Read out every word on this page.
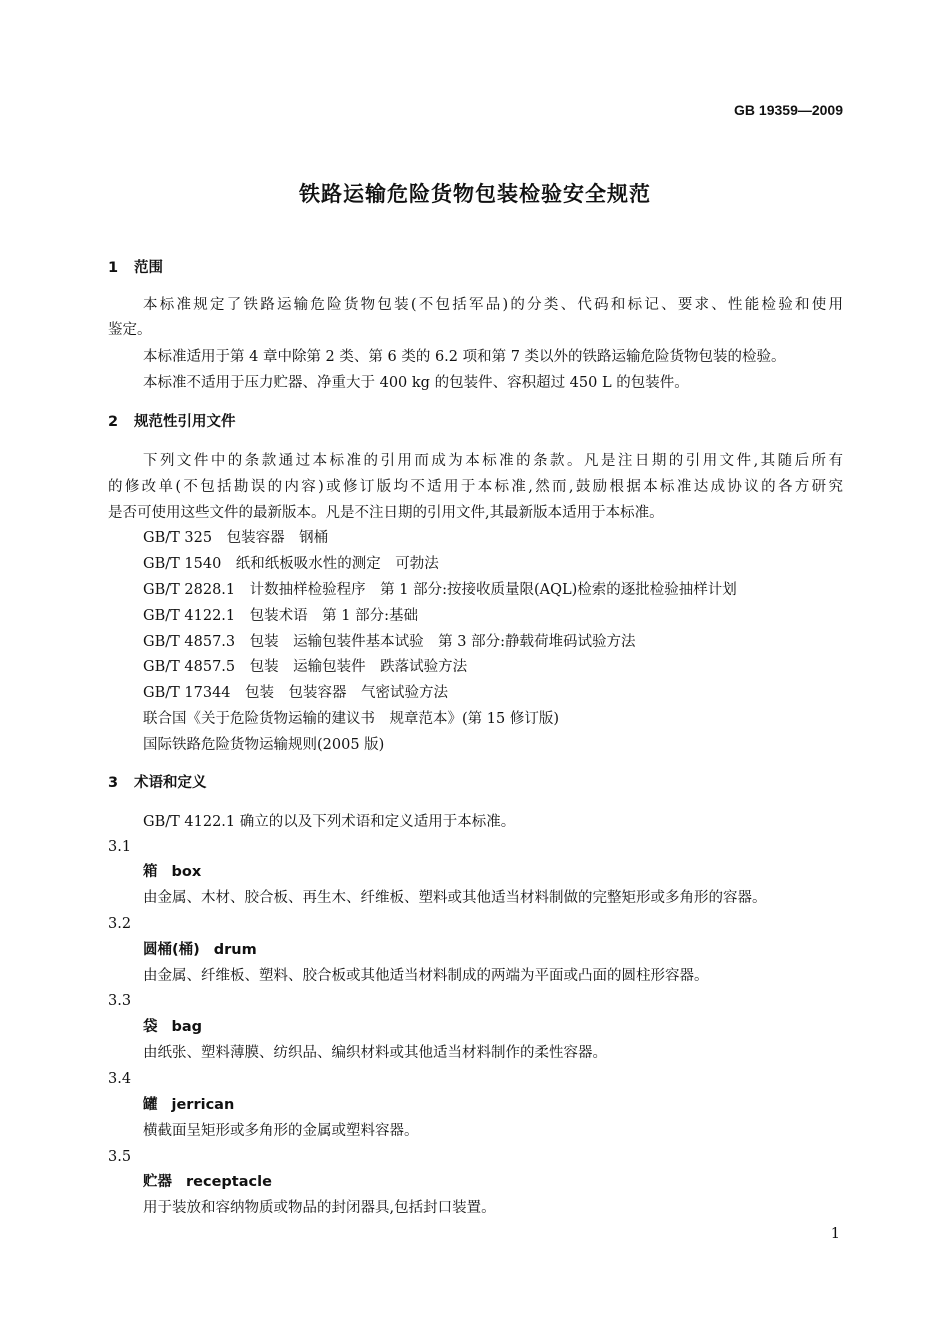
GB 19359—2009
铁路运输危险货物包装检验安全规范
1 范围
本标准规定了铁路运输危险货物包装(不包括军品)的分类、代码和标记、要求、性能检验和使用
鉴定。
本标准适用于第 4 章中除第 2 类、第 6 类的 6.2 项和第 7 类以外的铁路运输危险货物包装的检验。
本标准不适用于压力贮器、净重大于 400 kg 的包装件、容积超过 450 L 的包装件。
2 规范性引用文件
下列文件中的条款通过本标准的引用而成为本标准的条款。凡是注日期的引用文件,其随后所有
的修改单(不包括勘误的内容)或修订版均不适用于本标准,然而,鼓励根据本标准达成协议的各方研究
是否可使用这些文件的最新版本。凡是不注日期的引用文件,其最新版本适用于本标准。
GB/T 325　包装容器　钢桶
GB/T 1540　纸和纸板吸水性的测定　可勃法
GB/T 2828.1　计数抽样检验程序　第 1 部分:按接收质量限(AQL)检索的逐批检验抽样计划
GB/T 4122.1　包装术语　第 1 部分:基础
GB/T 4857.3　包装　运输包装件基本试验　第 3 部分:静载荷堆码试验方法
GB/T 4857.5　包装　运输包装件　跌落试验方法
GB/T 17344　包装　包装容器　气密试验方法
联合国《关于危险货物运输的建议书　规章范本》(第 15 修订版)
国际铁路危险货物运输规则(2005 版)
3 术语和定义
GB/T 4122.1 确立的以及下列术语和定义适用于本标准。
3.1
箱 box
由金属、木材、胶合板、再生木、纤维板、塑料或其他适当材料制做的完整矩形或多角形的容器。
3.2
圆桶(桶) drum
由金属、纤维板、塑料、胶合板或其他适当材料制成的两端为平面或凸面的圆柱形容器。
3.3
袋 bag
由纸张、塑料薄膜、纺织品、编织材料或其他适当材料制作的柔性容器。
3.4
罐 jerrican
横截面呈矩形或多角形的金属或塑料容器。
3.5
贮器 receptacle
用于装放和容纳物质或物品的封闭器具,包括封口装置。
1
